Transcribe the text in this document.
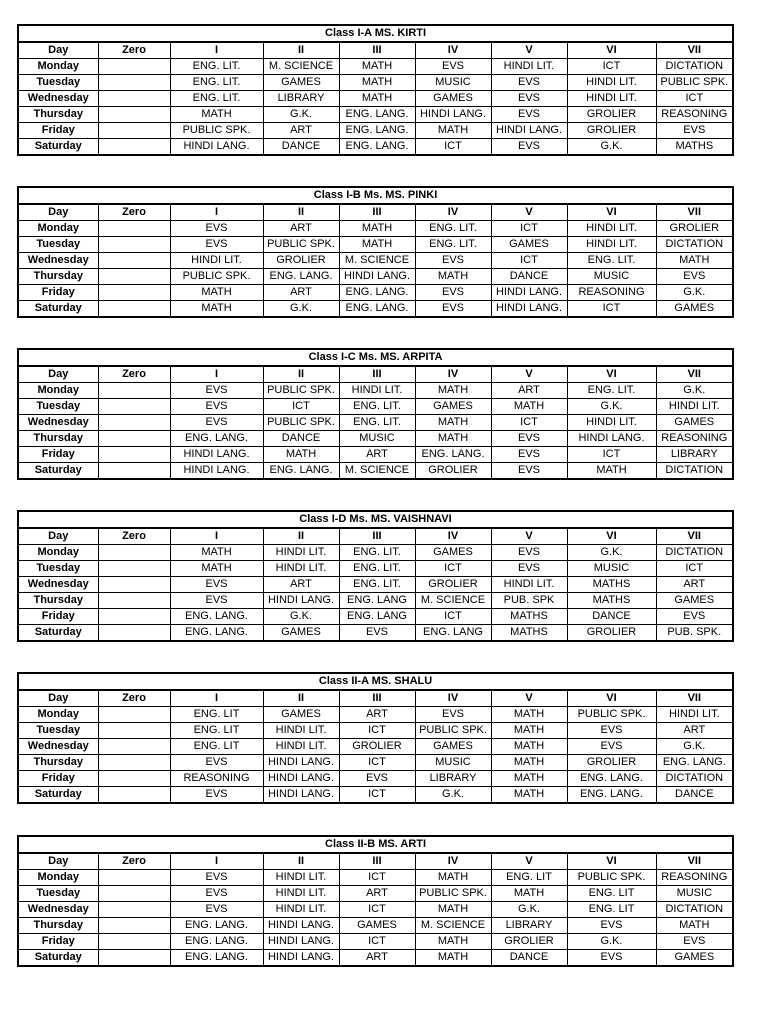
Class I-A MS. KIRTI								
Day	Zero	I	II	III	IV	V	VI	VII
Monday		ENG. LIT.	M. SCIENCE	MATH	EVS	HINDI LIT.	ICT	DICTATION
Tuesday		ENG. LIT.	GAMES	MATH	MUSIC	EVS	HINDI LIT.	PUBLIC SPK.
Wednesday		ENG. LIT.	LIBRARY	MATH	GAMES	EVS	HINDI LIT.	ICT
Thursday		MATH	G.K.	ENG. LANG.	HINDI LANG.	EVS	GROLIER	REASONING
Friday		PUBLIC SPK.	ART	ENG. LANG.	MATH	HINDI LANG.	GROLIER	EVS
Saturday		HINDI LANG.	DANCE	ENG. LANG.	ICT	EVS	G.K.	MATHS
Class I-B Ms. MS. PINKI								
Day	Zero	I	II	III	IV	V	VI	VII
Monday		EVS	ART	MATH	ENG. LIT.	ICT	HINDI LIT.	GROLIER
Tuesday		EVS	PUBLIC SPK.	MATH	ENG. LIT.	GAMES	HINDI LIT.	DICTATION
Wednesday		HINDI LIT.	GROLIER	M. SCIENCE	EVS	ICT	ENG. LIT.	MATH
Thursday		PUBLIC SPK.	ENG. LANG.	HINDI LANG.	MATH	DANCE	MUSIC	EVS
Friday		MATH	ART	ENG. LANG.	EVS	HINDI LANG.	REASONING	G.K.
Saturday		MATH	G.K.	ENG. LANG.	EVS	HINDI LANG.	ICT	GAMES
Class I-C Ms. MS. ARPITA								
Day	Zero	I	II	III	IV	V	VI	VII
Monday		EVS	PUBLIC SPK.	HINDI LIT.	MATH	ART	ENG. LIT.	G.K.
Tuesday		EVS	ICT	ENG. LIT.	GAMES	MATH	G.K.	HINDI LIT.
Wednesday		EVS	PUBLIC SPK.	ENG. LIT.	MATH	ICT	HINDI LIT.	GAMES
Thursday		ENG. LANG.	DANCE	MUSIC	MATH	EVS	HINDI LANG.	REASONING
Friday		HINDI LANG.	MATH	ART	ENG. LANG.	EVS	ICT	LIBRARY
Saturday		HINDI LANG.	ENG. LANG.	M. SCIENCE	GROLIER	EVS	MATH	DICTATION
Class I-D Ms. MS. VAISHNAVI								
Day	Zero	I	II	III	IV	V	VI	VII
Monday		MATH	HINDI LIT.	ENG. LIT.	GAMES	EVS	G.K.	DICTATION
Tuesday		MATH	HINDI LIT.	ENG. LIT.	ICT	EVS	MUSIC	ICT
Wednesday		EVS	ART	ENG. LIT.	GROLIER	HINDI LIT.	MATHS	ART
Thursday		EVS	HINDI LANG.	ENG. LANG	M. SCIENCE	PUB. SPK	MATHS	GAMES
Friday		ENG. LANG.	G.K.	ENG. LANG	ICT	MATHS	DANCE	EVS
Saturday		ENG. LANG.	GAMES	EVS	ENG. LANG	MATHS	GROLIER	PUB. SPK.
Class II-A MS. SHALU								
Day	Zero	I	II	III	IV	V	VI	VII
Monday		ENG. LIT	GAMES	ART	EVS	MATH	PUBLIC SPK.	HINDI LIT.
Tuesday		ENG. LIT	HINDI LIT.	ICT	PUBLIC SPK.	MATH	EVS	ART
Wednesday		ENG. LIT	HINDI LIT.	GROLIER	GAMES	MATH	EVS	G.K.
Thursday		EVS	HINDI LANG.	ICT	MUSIC	MATH	GROLIER	ENG. LANG.
Friday		REASONING	HINDI LANG.	EVS	LIBRARY	MATH	ENG. LANG.	DICTATION
Saturday		EVS	HINDI LANG.	ICT	G.K.	MATH	ENG. LANG.	DANCE
Class II-B MS. ARTI								
Day	Zero	I	II	III	IV	V	VI	VII
Monday		EVS	HINDI LIT.	ICT	MATH	ENG. LIT	PUBLIC SPK.	REASONING
Tuesday		EVS	HINDI LIT.	ART	PUBLIC SPK.	MATH	ENG. LIT	MUSIC
Wednesday		EVS	HINDI LIT.	ICT	MATH	G.K.	ENG. LIT	DICTATION
Thursday		ENG. LANG.	HINDI LANG.	GAMES	M. SCIENCE	LIBRARY	EVS	MATH
Friday		ENG. LANG.	HINDI LANG.	ICT	MATH	GROLIER	G.K.	EVS
Saturday		ENG. LANG.	HINDI LANG.	ART	MATH	DANCE	EVS	GAMES
